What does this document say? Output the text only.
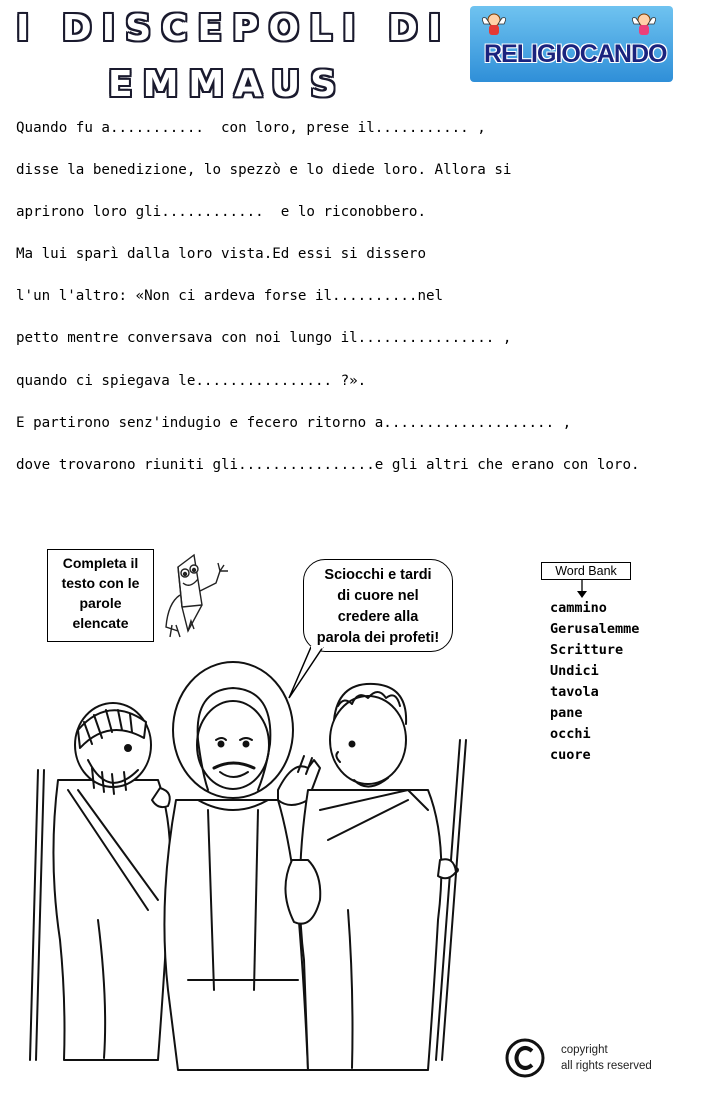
I DISCEPOLI DI
EMMAUS
RELIGIOCANDO
Quando fu a...........  con loro, prese il........... ,
disse la benedizione, lo spezzò e lo diede loro. Allora si
aprirono loro gli............  e lo riconobbero.
Ma lui sparì dalla loro vista.Ed essi si dissero
l'un l'altro: «Non ci ardeva forse il..........nel
petto mentre conversava con noi lungo il................ ,
quando ci spiegava le................ ?».
E partirono senz'indugio e fecero ritorno a.................... ,
dove trovarono riuniti gli................e gli altri che erano con loro.
Completa il
testo con le
parole
elencate
Sciocchi e tardi
di cuore nel
credere alla
parola dei profeti!
Word Bank
cammino
Gerusalemme
Scritture
Undici
tavola
pane
occhi
cuore
copyright
all rights reserved
